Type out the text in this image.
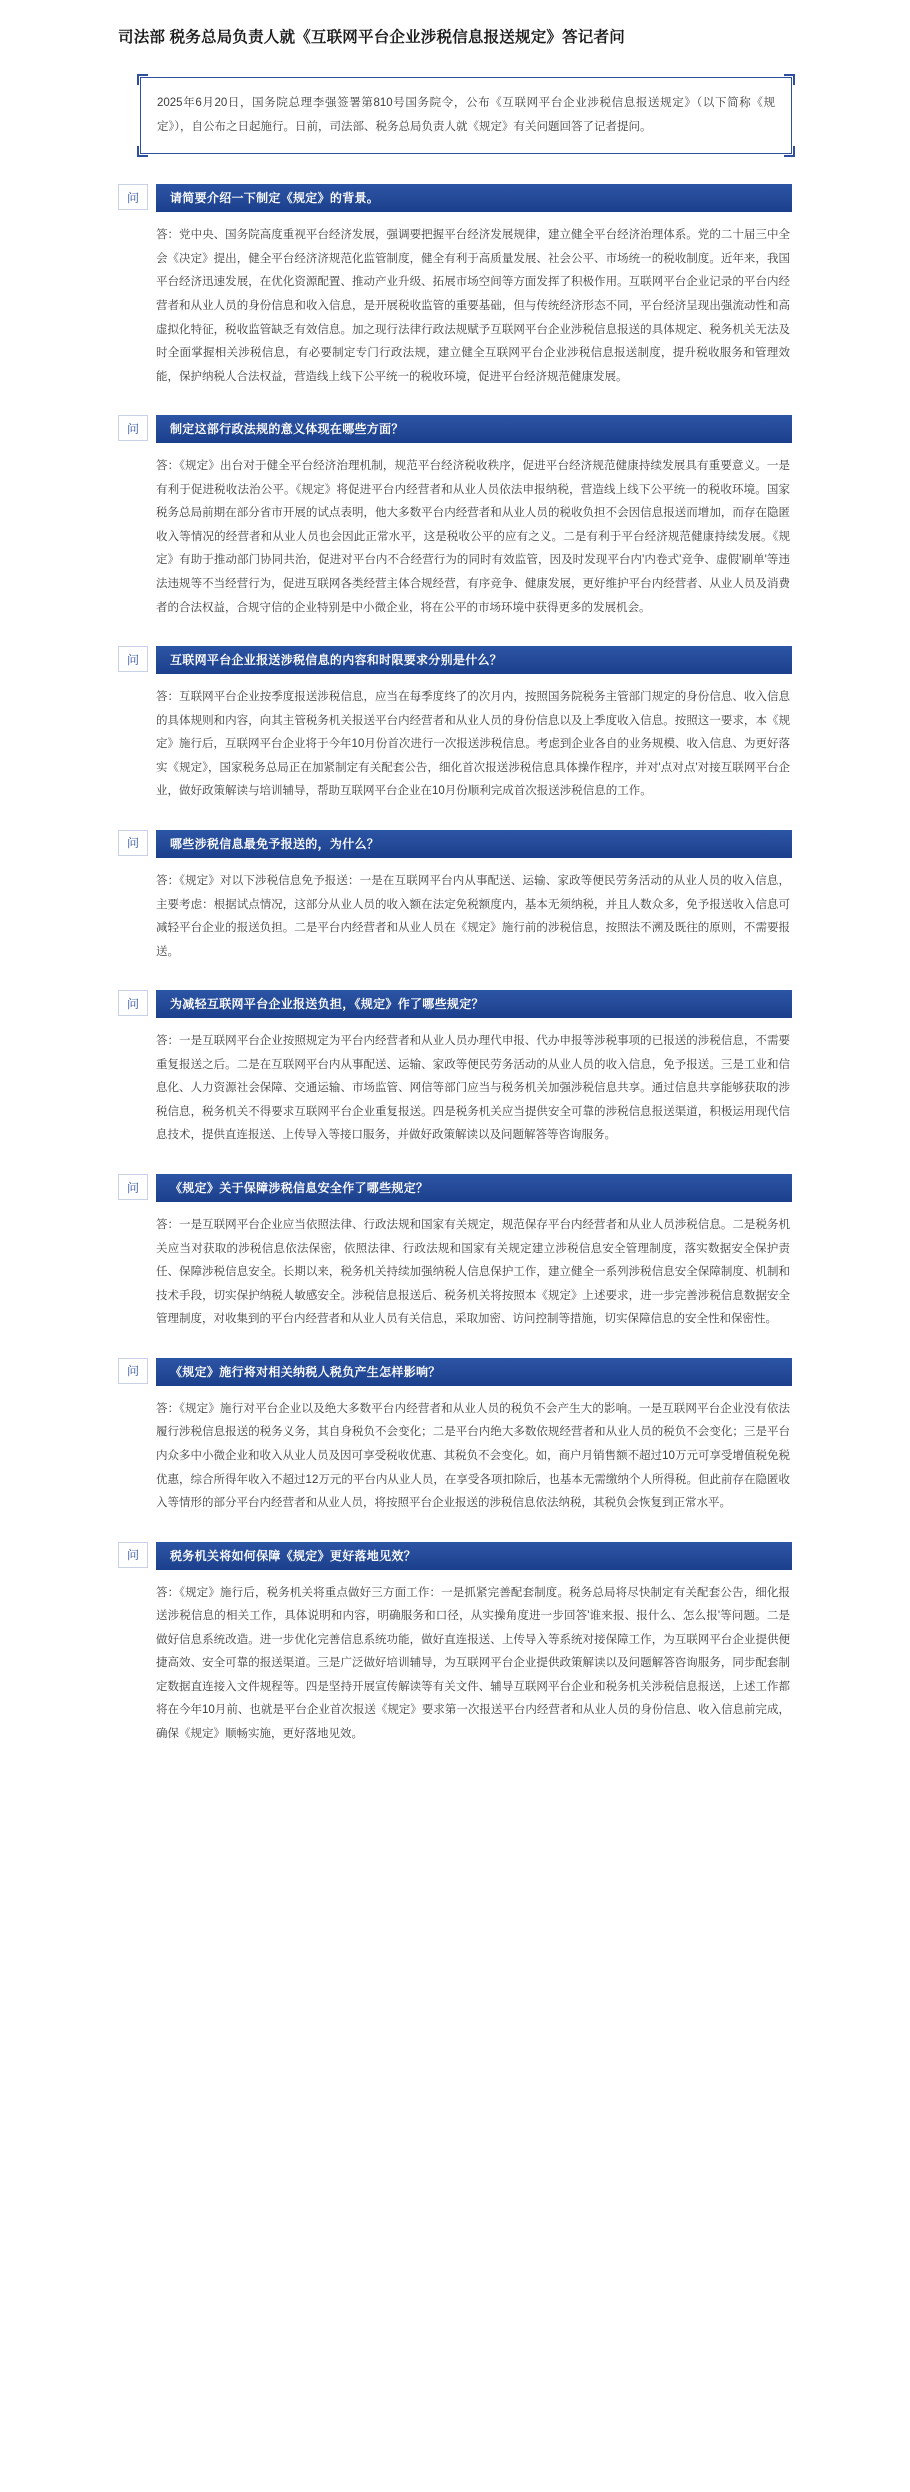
司法部 税务总局负责人就《互联网平台企业涉税信息报送规定》答记者问
2025年6月20日，国务院总理李强签署第810号国务院令，公布《互联网平台企业涉税信息报送规定》（以下简称《规定》），自公布之日起施行。日前，司法部、税务总局负责人就《规定》有关问题回答了记者提问。
问	请简要介绍一下制定《规定》的背景。
答：党中央、国务院高度重视平台经济发展，强调要把握平台经济发展规律，建立健全平台经济治理体系。党的二十届三中全会《决定》提出，健全平台经济济规范化监管制度，健全有利于高质量发展、社会公平、市场统一的税收制度。近年来，我国平台经济迅速发展，在优化资源配置、推动产业升级、拓展市场空间等方面发挥了积极作用。互联网平台企业记录的平台内经营者和从业人员的身份信息和收入信息，是开展税收监管的重要基础，但与传统经济形态不同，平台经济呈现出强流动性和高虚拟化特征，税收监管缺乏有效信息。加之现行法律行政法规赋予互联网平台企业涉税信息报送的具体规定、税务机关无法及时全面掌握相关涉税信息，有必要制定专门行政法规，建立健全互联网平台企业涉税信息报送制度，提升税收服务和管理效能，保护纳税人合法权益，营造线上线下公平统一的税收环境，促进平台经济规范健康发展。
问	制定这部行政法规的意义体现在哪些方面？
答：《规定》出台对于健全平台经济治理机制，规范平台经济税收秩序，促进平台经济规范健康持续发展具有重要意义。一是有利于促进税收法治公平。《规定》将促进平台内经营者和从业人员依法申报纳税，营造线上线下公平统一的税收环境。国家税务总局前期在部分省市开展的试点表明，他大多数平台内经营者和从业人员的税收负担不会因信息报送而增加，而存在隐匿收入等情况的经营者和从业人员也会因此正常水平，这是税收公平的应有之义。二是有利于平台经济规范健康持续发展。《规定》有助于推动部门协同共治，促进对平台内不合经营行为的同时有效监管，因及时发现平台内'内卷式'竞争、虚假'刷单'等违法违规等不当经营行为，促进互联网各类经营主体合规经营，有序竞争、健康发展，更好维护平台内经营者、从业人员及消费者的合法权益，合规守信的企业特别是中小微企业，将在公平的市场环境中获得更多的发展机会。
问	互联网平台企业报送涉税信息的内容和时限要求分别是什么？
答：互联网平台企业按季度报送涉税信息，应当在每季度终了的次月内，按照国务院税务主管部门规定的身份信息、收入信息的具体规则和内容，向其主管税务机关报送平台内经营者和从业人员的身份信息以及上季度收入信息。按照这一要求，本《规定》施行后，互联网平台企业将于今年10月份首次进行一次报送涉税信息。考虑到企业各自的业务规模、收入信息、为更好落实《规定》，国家税务总局正在加紧制定有关配套公告，细化首次报送涉税信息具体操作程序，并对'点对点'对接互联网平台企业，做好政策解读与培训辅导，帮助互联网平台企业在10月份顺利完成首次报送涉税信息的工作。
问	哪些涉税信息最免予报送的，为什么？
答：《规定》对以下涉税信息免予报送：一是在互联网平台内从事配送、运输、家政等便民劳务活动的从业人员的收入信息，主要考虑：根据试点情况，这部分从业人员的收入额在法定免税额度内，基本无须纳税，并且人数众多，免予报送收入信息可减轻平台企业的报送负担。二是平台内经营者和从业人员在《规定》施行前的涉税信息，按照法不溯及既往的原则，不需要报送。
问	为减轻互联网平台企业报送负担，《规定》作了哪些规定？
答：一是互联网平台企业按照规定为平台内经营者和从业人员办理代申报、代办申报等涉税事项的已报送的涉税信息，不需要重复报送之后。二是在互联网平台内从事配送、运输、家政等便民劳务活动的从业人员的收入信息，免予报送。三是工业和信息化、人力资源社会保障、交通运输、市场监管、网信等部门应当与税务机关加强涉税信息共享。通过信息共享能够获取的涉税信息，税务机关不得要求互联网平台企业重复报送。四是税务机关应当提供安全可靠的涉税信息报送渠道，积极运用现代信息技术，提供直连报送、上传导入等接口服务，并做好政策解读以及问题解答等咨询服务。
问	《规定》关于保障涉税信息安全作了哪些规定？
答：一是互联网平台企业应当依照法律、行政法规和国家有关规定，规范保存平台内经营者和从业人员涉税信息。二是税务机关应当对获取的涉税信息依法保密，依照法律、行政法规和国家有关规定建立涉税信息安全管理制度，落实数据安全保护责任、保障涉税信息安全。长期以来，税务机关持续加强纳税人信息保护工作，建立健全一系列涉税信息安全保障制度、机制和技术手段，切实保护纳税人敏感安全。涉税信息报送后、税务机关将按照本《规定》上述要求，进一步完善涉税信息数据安全管理制度，对收集到的平台内经营者和从业人员有关信息，采取加密、访问控制等措施，切实保障信息的安全性和保密性。
问	《规定》施行将对相关纳税人税负产生怎样影响？
答：《规定》施行对平台企业以及绝大多数平台内经营者和从业人员的税负不会产生大的影响。一是互联网平台企业没有依法履行涉税信息报送的税务义务，其自身税负不会变化；二是平台内绝大多数依规经营者和从业人员的税负不会变化；三是平台内众多中小微企业和收入从业人员及因可享受税收优惠、其税负不会变化。如，商户月销售额不超过10万元可享受增值税免税优惠，综合所得年收入不超过12万元的平台内从业人员，在享受各项扣除后，也基本无需缴纳个人所得税。但此前存在隐匿收入等情形的部分平台内经营者和从业人员，将按照平台企业报送的涉税信息依法纳税，其税负会恢复到正常水平。
问	税务机关将如何保障《规定》更好落地见效？
答：《规定》施行后，税务机关将重点做好三方面工作：一是抓紧完善配套制度。税务总局将尽快制定有关配套公告，细化报送涉税信息的相关工作，具体说明和内容，明确服务和口径，从实操角度进一步回答'谁来报、报什么、怎么报'等问题。二是做好信息系统改造。进一步优化完善信息系统功能，做好直连报送、上传导入等系统对接保障工作，为互联网平台企业提供便捷高效、安全可靠的报送渠道。三是广泛做好培训辅导，为互联网平台企业提供政策解读以及问题解答咨询服务，同步配套制定数据直连接入文件规程等。四是坚持开展宣传解读等有关文件、辅导互联网平台企业和税务机关涉税信息报送，上述工作都将在今年10月前、也就是平台企业首次报送《规定》要求第一次报送平台内经营者和从业人员的身份信息、收入信息前完成，确保《规定》顺畅实施，更好落地见效。
